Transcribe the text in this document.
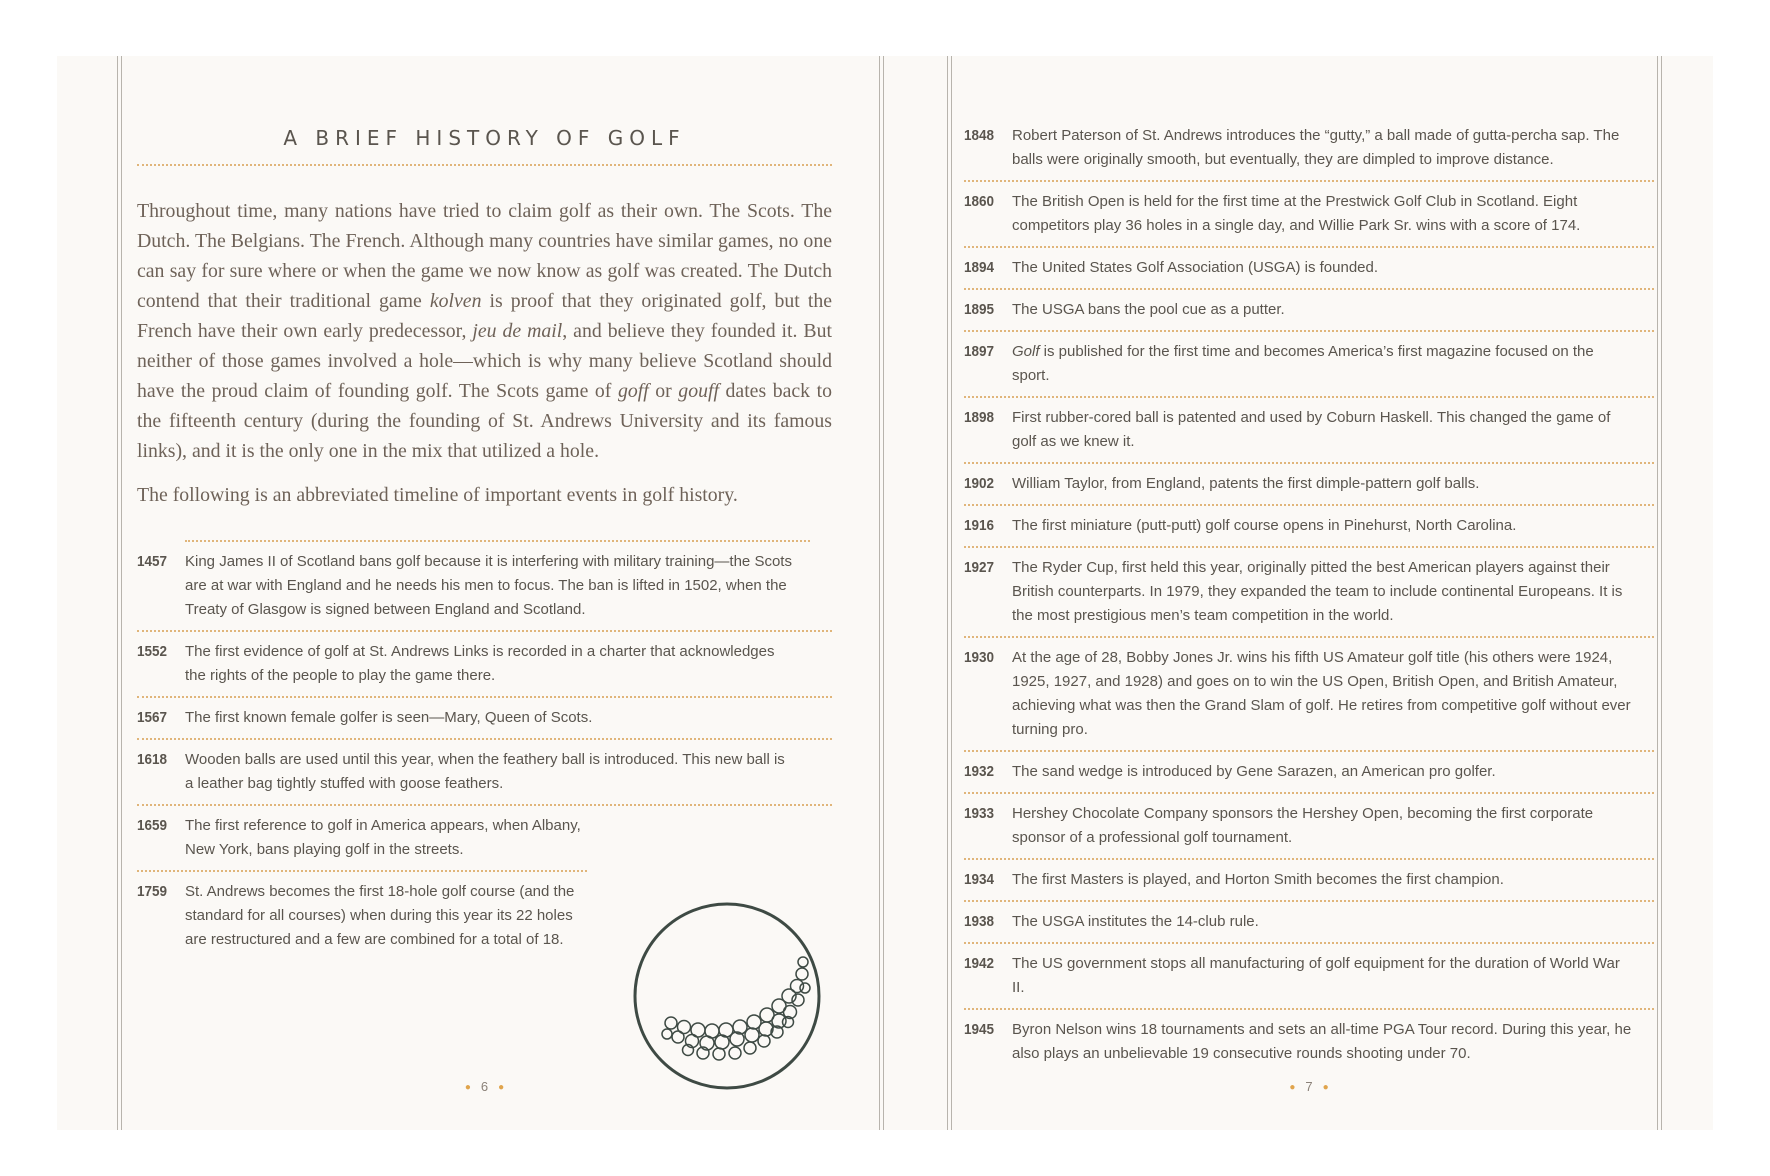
A BRIEF HISTORY OF GOLF

Throughout time, many nations have tried to claim golf as their own. The Scots. The Dutch. The Belgians. The French. Although many countries have similar games, no one can say for sure where or when the game we now know as golf was created. The Dutch contend that their traditional game kolven is proof that they originated golf, but the French have their own early predecessor, jeu de mail, and believe they founded it. But neither of those games involved a hole—which is why many believe Scotland should have the proud claim of founding golf. The Scots game of goff or gouff dates back to the fifteenth century (during the founding of St. Andrews University and its famous links), and it is the only one in the mix that utilized a hole.

The following is an abbreviated timeline of important events in golf history.

1457	King James II of Scotland bans golf because it is interfering with military training—the Scots are at war with England and he needs his men to focus. The ban is lifted in 1502, when the Treaty of Glasgow is signed between England and Scotland.
1552	The first evidence of golf at St. Andrews Links is recorded in a charter that acknowledges the rights of the people to play the game there.
1567	The first known female golfer is seen—Mary, Queen of Scots.
1618	Wooden balls are used until this year, when the feathery ball is introduced. This new ball is a leather bag tightly stuffed with goose feathers.
1659	The first reference to golf in America appears, when Albany, New York, bans playing golf in the streets.
1759	St. Andrews becomes the first 18-hole golf course (and the standard for all courses) when during this year its 22 holes are restructured and a few are combined for a total of 18.
● 6 ●
1848	Robert Paterson of St. Andrews introduces the “gutty,” a ball made of gutta-percha sap. The balls were originally smooth, but eventually, they are dimpled to improve distance.
1860	The British Open is held for the first time at the Prestwick Golf Club in Scotland. Eight competitors play 36 holes in a single day, and Willie Park Sr. wins with a score of 174.
1894	The United States Golf Association (USGA) is founded.
1895	The USGA bans the pool cue as a putter.
1897	Golf is published for the first time and becomes America’s first magazine focused on the sport.
1898	First rubber-cored ball is patented and used by Coburn Haskell. This changed the game of golf as we knew it.
1902	William Taylor, from England, patents the first dimple-pattern golf balls.
1916	The first miniature (putt-putt) golf course opens in Pinehurst, North Carolina.
1927	The Ryder Cup, first held this year, originally pitted the best American players against their British counterparts. In 1979, they expanded the team to include continental Europeans. It is the most prestigious men’s team competition in the world.
1930	At the age of 28, Bobby Jones Jr. wins his fifth US Amateur golf title (his others were 1924, 1925, 1927, and 1928) and goes on to win the US Open, British Open, and British Amateur, achieving what was then the Grand Slam of golf. He retires from competitive golf without ever turning pro.
1932	The sand wedge is introduced by Gene Sarazen, an American pro golfer.
1933	Hershey Chocolate Company sponsors the Hershey Open, becoming the first corporate sponsor of a professional golf tournament.
1934	The first Masters is played, and Horton Smith becomes the first champion.
1938	The USGA institutes the 14-club rule.
1942	The US government stops all manufacturing of golf equipment for the duration of World War II.
1945	Byron Nelson wins 18 tournaments and sets an all-time PGA Tour record. During this year, he also plays an unbelievable 19 consecutive rounds shooting under 70.
● 7 ●
